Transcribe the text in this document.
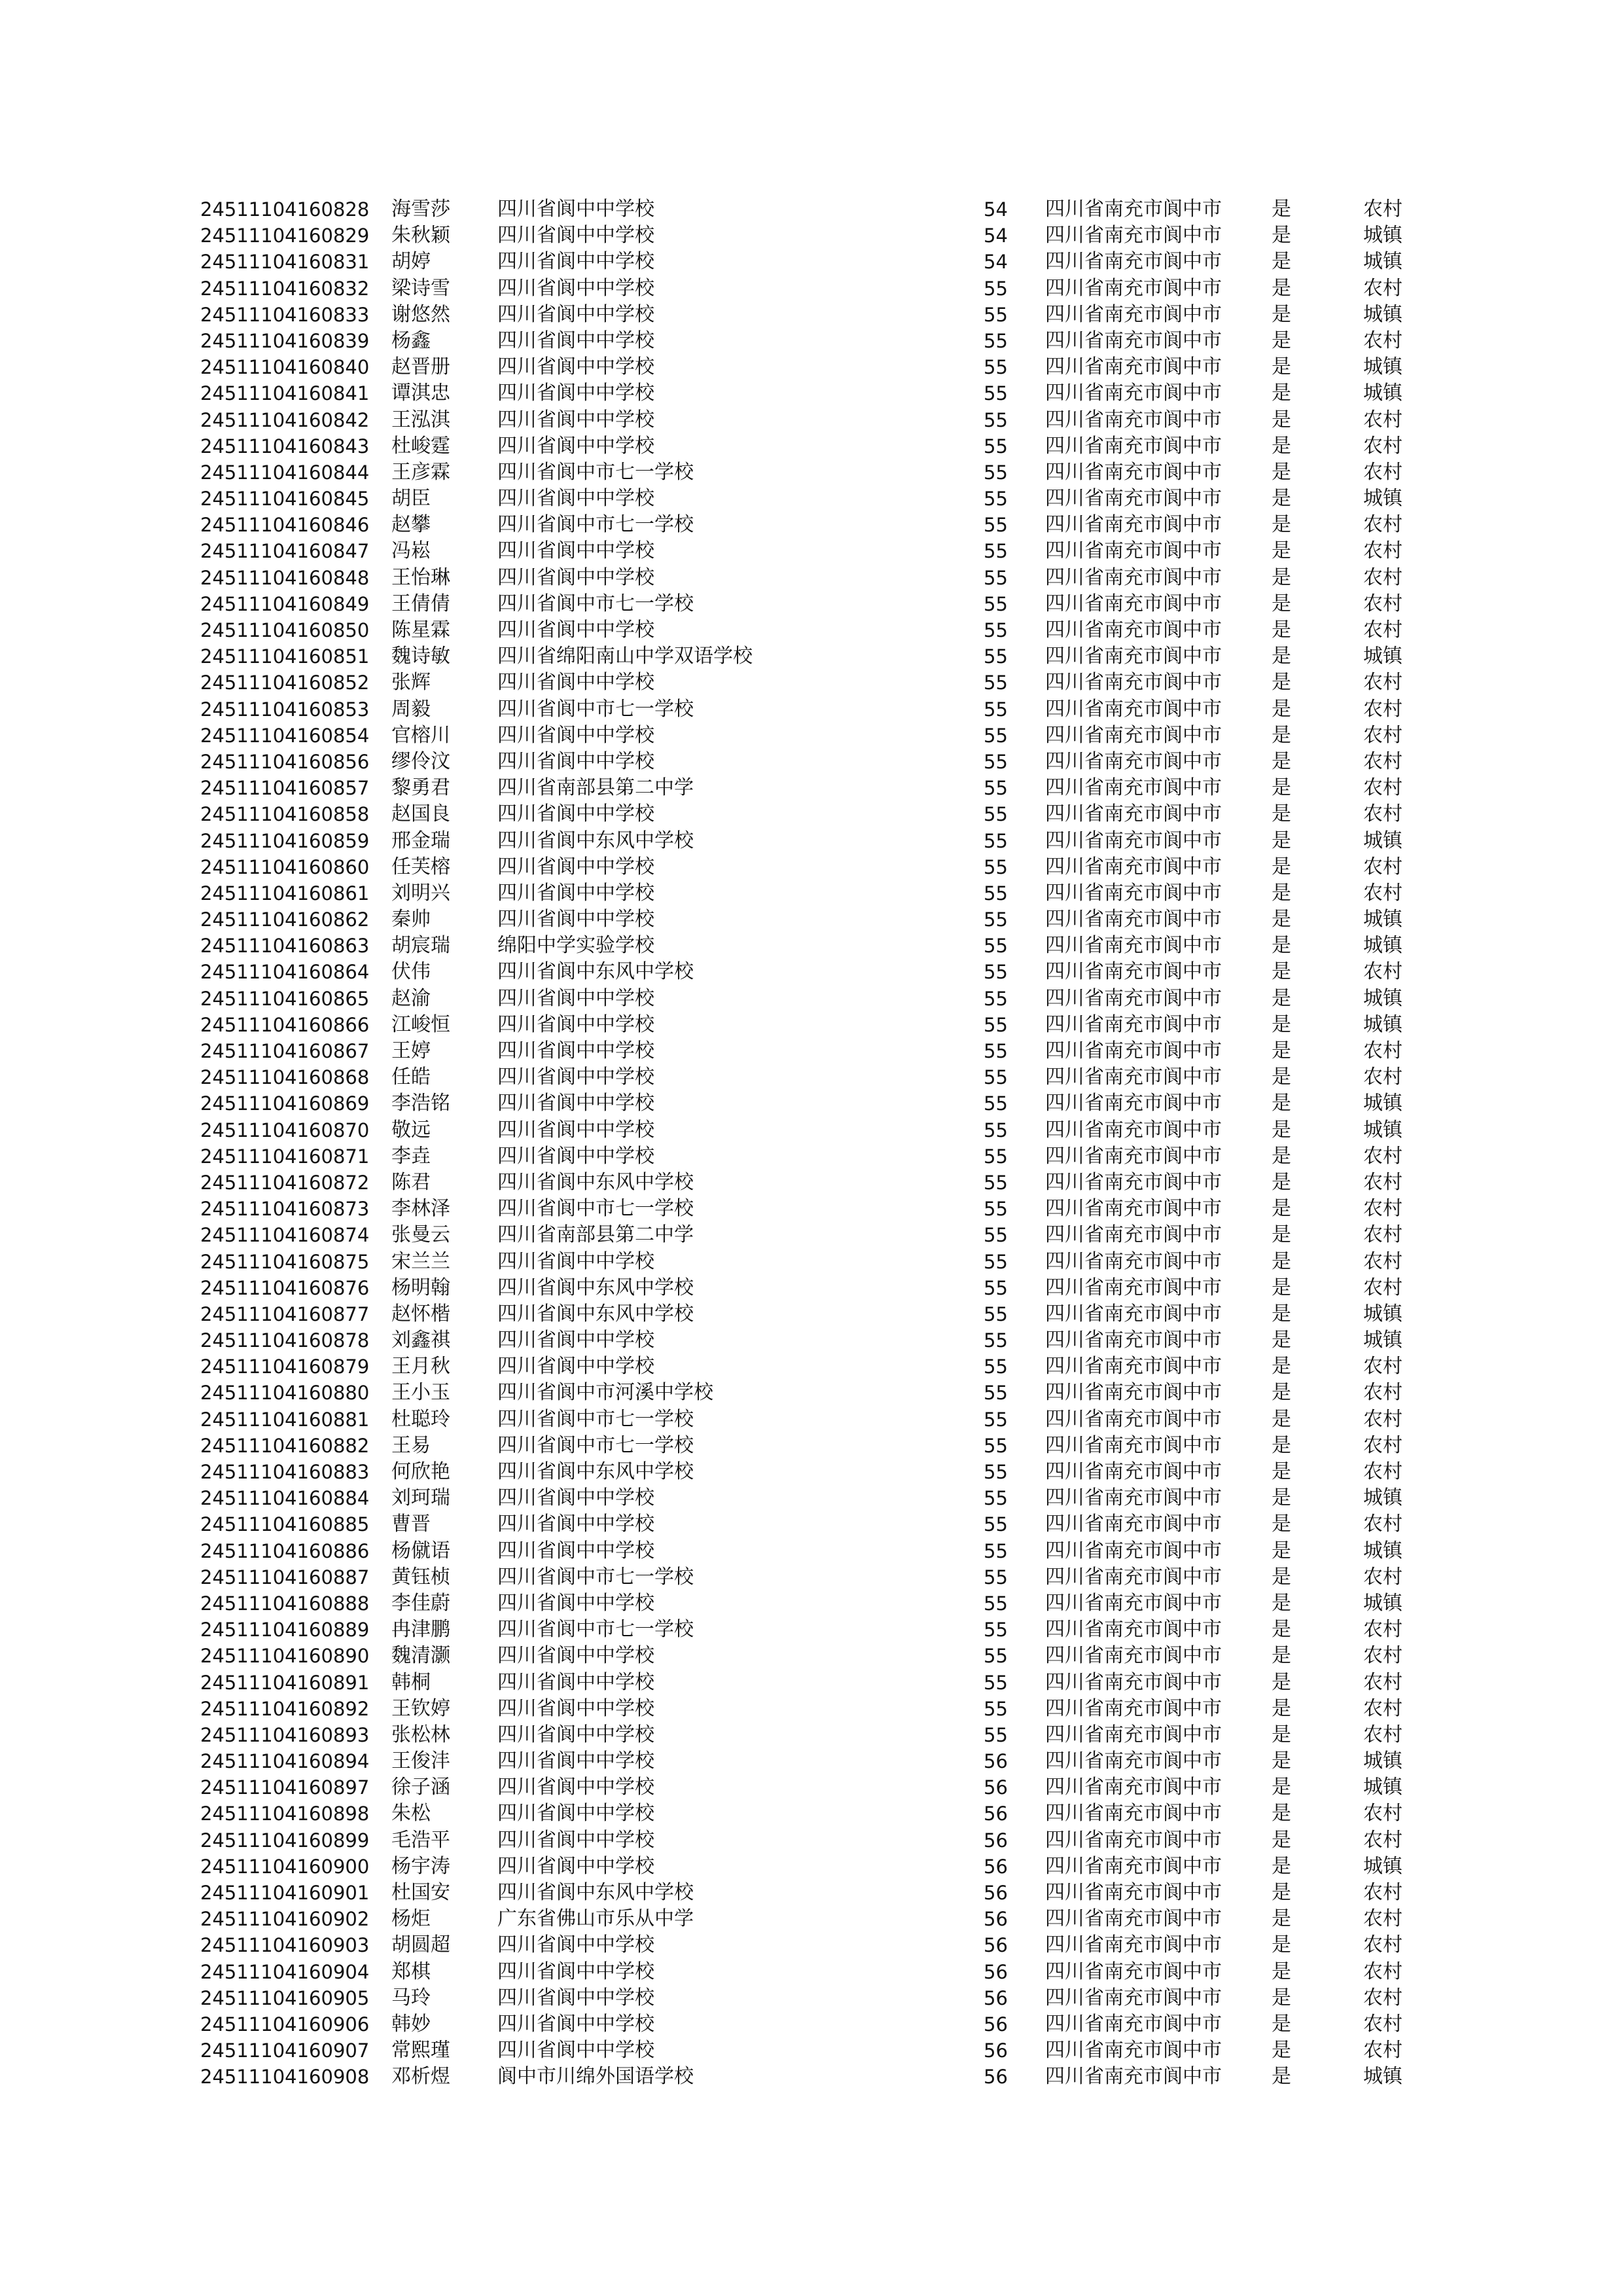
24511104160828 海雪莎 四川省阆中中学校	54 四川省南充市阆中市	是	农村
24511104160829 朱秋颖 四川省阆中中学校	54 四川省南充市阆中市	是	城镇
24511104160831 胡婷	四川省阆中中学校	54 四川省南充市阆中市	是	城镇
24511104160832 梁诗雪 四川省阆中中学校	55 四川省南充市阆中市	是	农村
24511104160833 谢悠然 四川省阆中中学校	55 四川省南充市阆中市	是	城镇
24511104160839 杨鑫	四川省阆中中学校	55 四川省南充市阆中市	是	农村
24511104160840 赵晋册 四川省阆中中学校	55 四川省南充市阆中市	是	城镇
24511104160841 谭淇忠 四川省阆中中学校	55 四川省南充市阆中市	是	城镇
24511104160842 王泓淇 四川省阆中中学校	55 四川省南充市阆中市	是	农村
24511104160843 杜峻霆 四川省阆中中学校	55 四川省南充市阆中市	是	农村
24511104160844 王彦霖 四川省阆中市七一学校	55 四川省南充市阆中市	是	农村
24511104160845 胡臣	四川省阆中中学校	55 四川省南充市阆中市	是	城镇
24511104160846 赵攀	四川省阆中市七一学校	55 四川省南充市阆中市	是	农村
24511104160847 冯崧	四川省阆中中学校	55 四川省南充市阆中市	是	农村
24511104160848 王怡琳 四川省阆中中学校	55 四川省南充市阆中市	是	农村
24511104160849 王倩倩 四川省阆中市七一学校	55 四川省南充市阆中市	是	农村
24511104160850 陈星霖 四川省阆中中学校	55 四川省南充市阆中市	是	农村
24511104160851 魏诗敏 四川省绵阳南山中学双语学校	55 四川省南充市阆中市	是	城镇
24511104160852 张辉	四川省阆中中学校	55 四川省南充市阆中市	是	农村
24511104160853 周毅	四川省阆中市七一学校	55 四川省南充市阆中市	是	农村
24511104160854 官榕川 四川省阆中中学校	55 四川省南充市阆中市	是	农村
24511104160856 缪伶汶 四川省阆中中学校	55 四川省南充市阆中市	是	农村
24511104160857 黎勇君 四川省南部县第二中学	55 四川省南充市阆中市	是	农村
24511104160858 赵国良 四川省阆中中学校	55 四川省南充市阆中市	是	农村
24511104160859 邢金瑞 四川省阆中东风中学校	55 四川省南充市阆中市	是	城镇
24511104160860 任芙榕 四川省阆中中学校	55 四川省南充市阆中市	是	农村
24511104160861 刘明兴 四川省阆中中学校	55 四川省南充市阆中市	是	农村
24511104160862 秦帅	四川省阆中中学校	55 四川省南充市阆中市	是	城镇
24511104160863 胡宸瑞 绵阳中学实验学校	55 四川省南充市阆中市	是	城镇
24511104160864 伏伟	四川省阆中东风中学校	55 四川省南充市阆中市	是	农村
24511104160865 赵渝	四川省阆中中学校	55 四川省南充市阆中市	是	城镇
24511104160866 江峻恒 四川省阆中中学校	55 四川省南充市阆中市	是	城镇
24511104160867 王婷	四川省阆中中学校	55 四川省南充市阆中市	是	农村
24511104160868 任皓	四川省阆中中学校	55 四川省南充市阆中市	是	农村
24511104160869 李浩铭 四川省阆中中学校	55 四川省南充市阆中市	是	城镇
24511104160870 敬远	四川省阆中中学校	55 四川省南充市阆中市	是	城镇
24511104160871 李垚	四川省阆中中学校	55 四川省南充市阆中市	是	农村
24511104160872 陈君	四川省阆中东风中学校	55 四川省南充市阆中市	是	农村
24511104160873 李林泽 四川省阆中市七一学校	55 四川省南充市阆中市	是	农村
24511104160874 张曼云 四川省南部县第二中学	55 四川省南充市阆中市	是	农村
24511104160875 宋兰兰 四川省阆中中学校	55 四川省南充市阆中市	是	农村
24511104160876 杨明翰 四川省阆中东风中学校	55 四川省南充市阆中市	是	农村
24511104160877 赵怀楷 四川省阆中东风中学校	55 四川省南充市阆中市	是	城镇
24511104160878 刘鑫祺 四川省阆中中学校	55 四川省南充市阆中市	是	城镇
24511104160879 王月秋 四川省阆中中学校	55 四川省南充市阆中市	是	农村
24511104160880 王小玉 四川省阆中市河溪中学校	55 四川省南充市阆中市	是	农村
24511104160881 杜聪玲 四川省阆中市七一学校	55 四川省南充市阆中市	是	农村
24511104160882 王易	四川省阆中市七一学校	55 四川省南充市阆中市	是	农村
24511104160883 何欣艳 四川省阆中东风中学校	55 四川省南充市阆中市	是	农村
24511104160884 刘珂瑞 四川省阆中中学校	55 四川省南充市阆中市	是	城镇
24511104160885 曹晋	四川省阆中中学校	55 四川省南充市阆中市	是	农村
24511104160886 杨僦语 四川省阆中中学校	55 四川省南充市阆中市	是	城镇
24511104160887 黄钰桢 四川省阆中市七一学校	55 四川省南充市阆中市	是	农村
24511104160888 李佳蔚 四川省阆中中学校	55 四川省南充市阆中市	是	城镇
24511104160889 冉津鹏 四川省阆中市七一学校	55 四川省南充市阆中市	是	农村
24511104160890 魏清灏 四川省阆中中学校	55 四川省南充市阆中市	是	农村
24511104160891 韩桐	四川省阆中中学校	55 四川省南充市阆中市	是	农村
24511104160892 王钦婷 四川省阆中中学校	55 四川省南充市阆中市	是	农村
24511104160893 张松林 四川省阆中中学校	55 四川省南充市阆中市	是	农村
24511104160894 王俊沣 四川省阆中中学校	56 四川省南充市阆中市	是	城镇
24511104160897 徐子涵 四川省阆中中学校	56 四川省南充市阆中市	是	城镇
24511104160898 朱松	四川省阆中中学校	56 四川省南充市阆中市	是	农村
24511104160899 毛浩平 四川省阆中中学校	56 四川省南充市阆中市	是	农村
24511104160900 杨宇涛 四川省阆中中学校	56 四川省南充市阆中市	是	城镇
24511104160901 杜国安 四川省阆中东风中学校	56 四川省南充市阆中市	是	农村
24511104160902 杨炬	广东省佛山市乐从中学	56 四川省南充市阆中市	是	农村
24511104160903 胡圆超 四川省阆中中学校	56 四川省南充市阆中市	是	农村
24511104160904 郑棋	四川省阆中中学校	56 四川省南充市阆中市	是	农村
24511104160905 马玲	四川省阆中中学校	56 四川省南充市阆中市	是	农村
24511104160906 韩妙	四川省阆中中学校	56 四川省南充市阆中市	是	农村
24511104160907 常熙瑾 四川省阆中中学校	56 四川省南充市阆中市	是	农村
24511104160908 邓析煜 阆中市川绵外国语学校	56 四川省南充市阆中市	是	城镇
